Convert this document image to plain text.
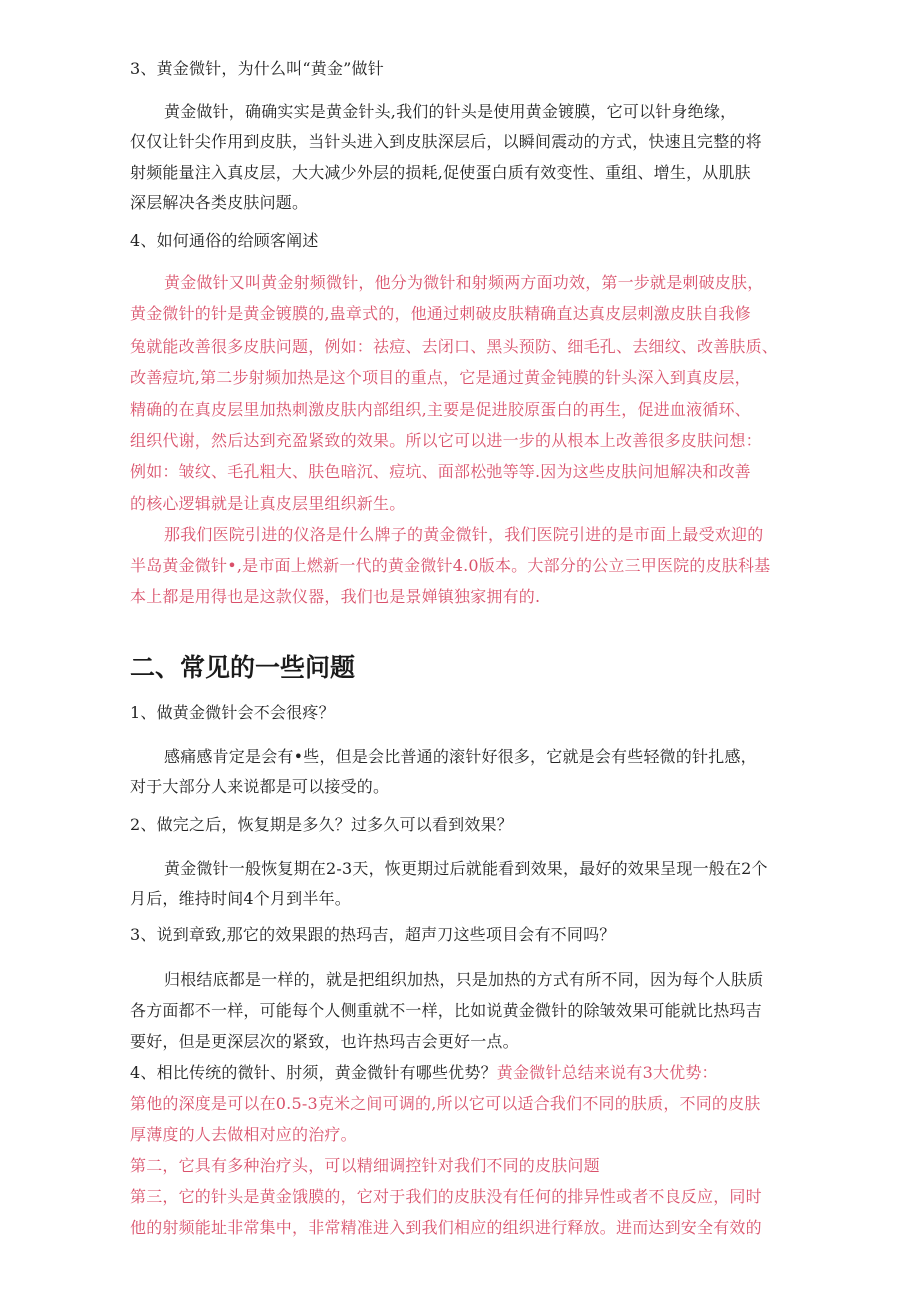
3、黄金微针，为什么叫“黄金”做针
黄金做针，确确实实是黄金针头,我们的针头是使用黄金镀膜，它可以针身绝缘，
仅仅让针尖作用到皮肤，当针头进入到皮肤深层后，以瞬间震动的方式，快速且完整的将
射频能量注入真皮层，大大减少外层的损耗,促使蛋白质有效变性、重组、增生，从肌肤
深层解决各类皮肤问题。
4、如何通俗的给顾客阐述
黄金做针又叫黄金射频微针，他分为微针和射频两方面功效，第一步就是刺破皮肤，
黄金微针的针是黄金镀膜的,蛊章式的，他通过刺破皮肤精确直达真皮层刺激皮肤自我修
兔就能改善很多皮肤问题，例如：祛痘、去闭口、黑头预防、细毛孔、去细纹、改善肤质、
改善痘坑,第二步射频加热是这个项目的重点，它是通过黄金钝膜的针头深入到真皮层，
精确的在真皮层里加热刺激皮肤内部组织,主要是促进胶原蛋白的再生，促进血液循环、
组织代谢，然后达到充盈紧致的效果。所以它可以进一步的从根本上改善很多皮肤问想：
例如：皱纹、毛孔粗大、肤色暗沉、痘坑、面部松弛等等.因为这些皮肤问旭解决和改善
的核心逻辑就是让真皮层里组织新生。
那我们医院引进的仪洛是什么牌子的黄金微针，我们医院引进的是市面上最受欢迎的
半岛黄金微针•,是市面上燃新一代的黄金微针4.0版本。大部分的公立三甲医院的皮肤科基
本上都是用得也是这款仪器，我们也是景婵镇独家拥有的.
二、常见的一些问题
1、做黄金微针会不会很疼？
感痛感肯定是会有•些，但是会比普通的滚针好很多，它就是会有些轻微的针扎感，
对于大部分人来说都是可以接受的。
2、做完之后，恢复期是多久？过多久可以看到效果？
黄金微针一般恢复期在2-3天，恢更期过后就能看到效果，最好的效果呈现一般在2个
月后，维持时间4个月到半年。
3、说到章致,那它的效果跟的热玛吉，超声刀这些项目会有不同吗？
归根结底都是一样的，就是把组织加热，只是加热的方式有所不同，因为每个人肤质
各方面都不一样，可能每个人侧重就不一样，比如说黄金微针的除皱效果可能就比热玛吉
要好，但是更深层次的紧致，也许热玛吉会更好一点。
4、相比传统的微针、肘须，黄金微针有哪些优势？黄金微针总结来说有3大优势：
第他的深度是可以在0.5-3克米之间可调的,所以它可以适合我们不同的肤质，不同的皮肤
厚薄度的人去做相对应的治疗。
第二，它具有多种治疗头，可以精细调控针对我们不同的皮肤问题
第三，它的针头是黄金饿膜的，它对于我们的皮肤没有任何的排异性或者不良反应，同时
他的射频能址非常集中，非常精准进入到我们相应的组织进行释放。进而达到安全有效的
